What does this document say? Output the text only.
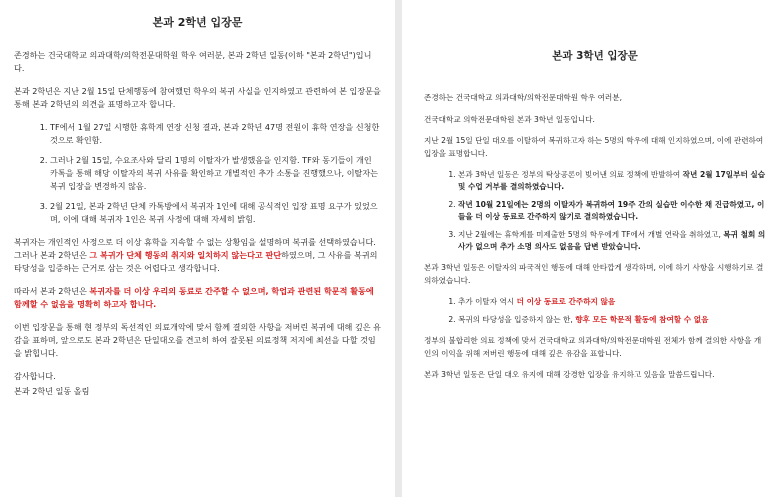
본과 2학년 입장문

존경하는 건국대학교 의과대학/의학전문대학원 학우 여러분, 본과 2학년 일동(이하 "본과 2학년")입니다.

본과 2학년은 지난 2월 15일 단체행동에 참여했던 학우의 복귀 사실을 인지하였고 관련하여 본 입장문을 통해 본과 2학년의 의견을 표명하고자 합니다.

1. TF에서 1월 27일 시행한 휴학계 연장 신청 결과, 본과 2학년 47명 전원이 휴학 연장을 신청한 것으로 확인함.
2. 그러나 2월 15일, 수요조사와 달리 1명의 이탈자가 발생했음을 인지함. TF와 동기들이 개인 카톡을 통해 해당 이탈자의 복귀 사유를 확인하고 개별적인 추가 소통을 진행했으나, 이탈자는 복귀 입장을 변경하지 않음.
3. 2월 21일, 본과 2학년 단체 카톡방에서 복귀자 1인에 대해 공식적인 입장 표명 요구가 있었으며, 이에 대해 복귀자 1인은 복귀 사정에 대해 자세히 밝힘.

복귀자는 개인적인 사정으로 더 이상 휴학을 지속할 수 없는 상황임을 설명하며 복귀를 선택하였습니다. 그러나 본과 2학년은 그 복귀가 단체 행동의 취지와 일치하지 않는다고 판단하였으며, 그 사유를 복귀의 타당성을 입증하는 근거로 삼는 것은 어렵다고 생각합니다.

따라서 본과 2학년은 복귀자를 더 이상 우리의 동료로 간주할 수 없으며, 학업과 관련된 학문적 활동에 함께할 수 없음을 명확히 하고자 합니다.

이번 입장문을 통해 현 정부의 독선적인 의료개악에 맞서 함께 결의한 사항을 저버린 복귀에 대해 깊은 유감을 표하며, 앞으로도 본과 2학년은 단일대오를 견고히 하여 잘못된 의료정책 저지에 최선을 다할 것임을 밝힙니다.

감사합니다.

본과 2학년 일동 올림

본과 3학년 입장문

존경하는 건국대학교 의과대학/의학전문대학원 학우 여러분,

건국대학교 의학전문대학원 본과 3학년 일동입니다.

지난 2월 15일 단일 대오를 이탈하여 복귀하고자 하는 5명의 학우에 대해 인지하였으며, 이에 관련하여 입장을 표명합니다.

1. 본과 3학년 일동은 정부의 탁상공론이 빚어낸 의료 정책에 반발하여 작년 2월 17일부터 실습 및 수업 거부를 결의하였습니다.
2. 작년 10월 21일에는 2명의 이탈자가 복귀하여 19주 간의 실습만 이수한 채 진급하였고, 이들을 더 이상 동료로 간주하지 않기로 결의하였습니다.
3. 지난 2월에는 휴학계를 미제출한 5명의 학우에게 TF에서 개별 연락을 취하였고, 복귀 철회 의사가 없으며 추가 소명 의사도 없음을 답변 받았습니다.

본과 3학년 일동은 이탈자의 파국적인 행동에 대해 안타깝게 생각하며, 이에 하기 사항을 시행하기로 결의하였습니다.

1. 추가 이탈자 역시 더 이상 동료로 간주하지 않음
2. 복귀의 타당성을 입증하지 않는 한, 향후 모든 학문적 활동에 참여할 수 없음

정부의 불합리한 의료 정책에 맞서 건국대학교 의과대학/의학전문대학원 전체가 함께 결의한 사항을 개인의 이익을 위해 저버린 행동에 대해 깊은 유감을 표합니다.

본과 3학년 일동은 단일 대오 유지에 대해 강경한 입장을 유지하고 있음을 말씀드립니다.
